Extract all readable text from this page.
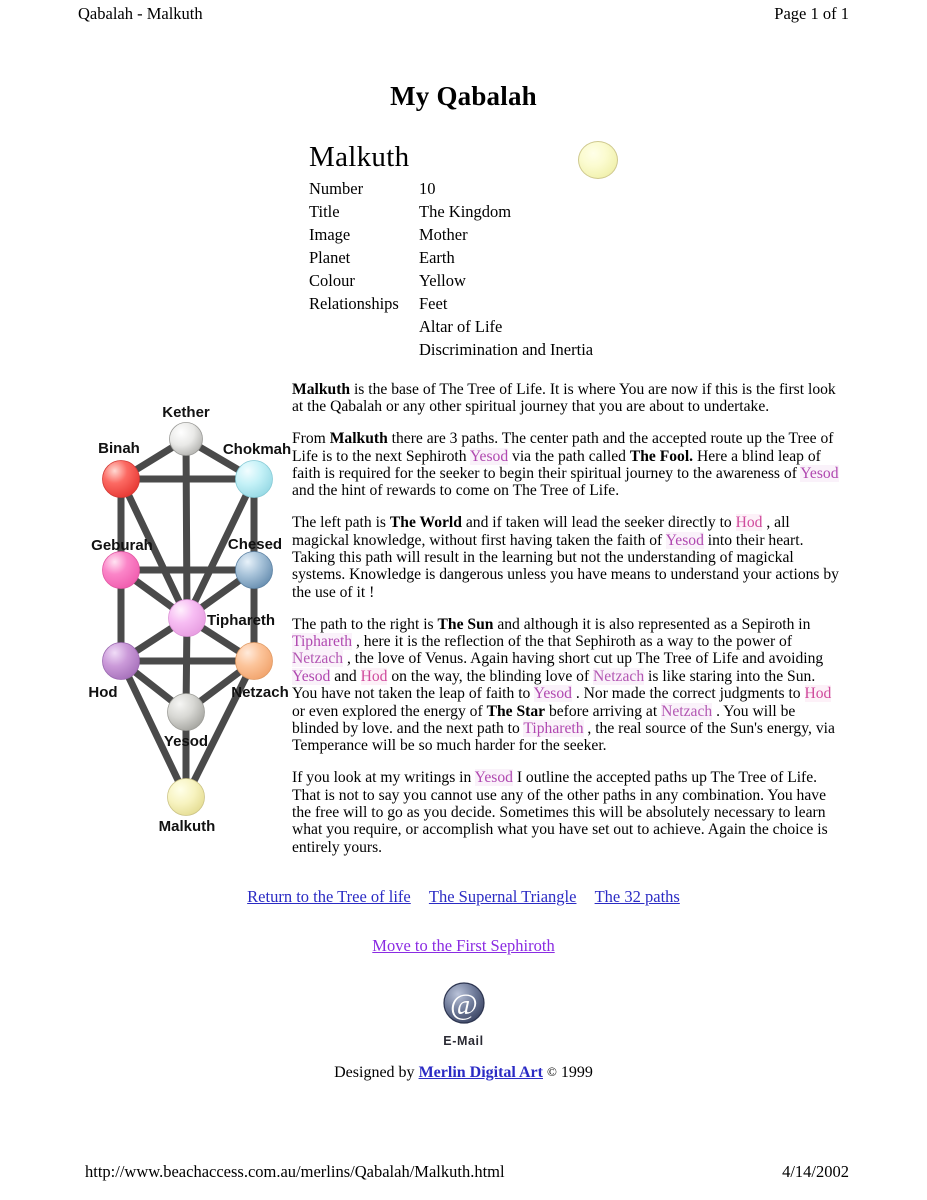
Qabalah - Malkuth	Page 1 of 1
My Qabalah
Malkuth
Number	10
Title	The Kingdom
Image	Mother
Planet	Earth
Colour	Yellow
Relationships	Feet
	Altar of Life
	Discrimination and Inertia
Kether
Binah	Chokmah
Geburah	Chesed
Tiphareth
Hod	Netzach
Yesod
Malkuth

Malkuth is the base of The Tree of Life. It is where You are now if this is the first look at the Qabalah or any other spiritual journey that you are about to undertake.

From Malkuth there are 3 paths. The center path and the accepted route up the Tree of Life is to the next Sephiroth Yesod via the path called The Fool. Here a blind leap of faith is required for the seeker to begin their spiritual journey to the awareness of Yesod and the hint of rewards to come on The Tree of Life.

The left path is The World and if taken will lead the seeker directly to Hod , all magickal knowledge, without first having taken the faith of Yesod into their heart. Taking this path will result in the learning but not the understanding of magickal systems. Knowledge is dangerous unless you have means to understand your actions by the use of it !

The path to the right is The Sun and although it is also represented as a Sepiroth in Tiphareth , here it is the reflection of the that Sephiroth as a way to the power of Netzach , the love of Venus. Again having short cut up The Tree of Life and avoiding Yesod and Hod on the way, the blinding love of Netzach is like staring into the Sun. You have not taken the leap of faith to Yesod . Nor made the correct judgments to Hod or even explored the energy of The Star before arriving at Netzach . You will be blinded by love. and the next path to Tiphareth , the real source of the Sun's energy, via Temperance will be so much harder for the seeker.

If you look at my writings in Yesod I outline the accepted paths up The Tree of Life. That is not to say you cannot use any of the other paths in any combination. You have the free will to go as you decide. Sometimes this will be absolutely necessary to learn what you require, or accomplish what you have set out to achieve. Again the choice is entirely yours.

Return to the Tree of life The Supernal Triangle The 32 paths
Move to the First Sephiroth
@
E-Mail
Designed by Merlin Digital Art © 1999
http://www.beachaccess.com.au/merlins/Qabalah/Malkuth.html	4/14/2002
